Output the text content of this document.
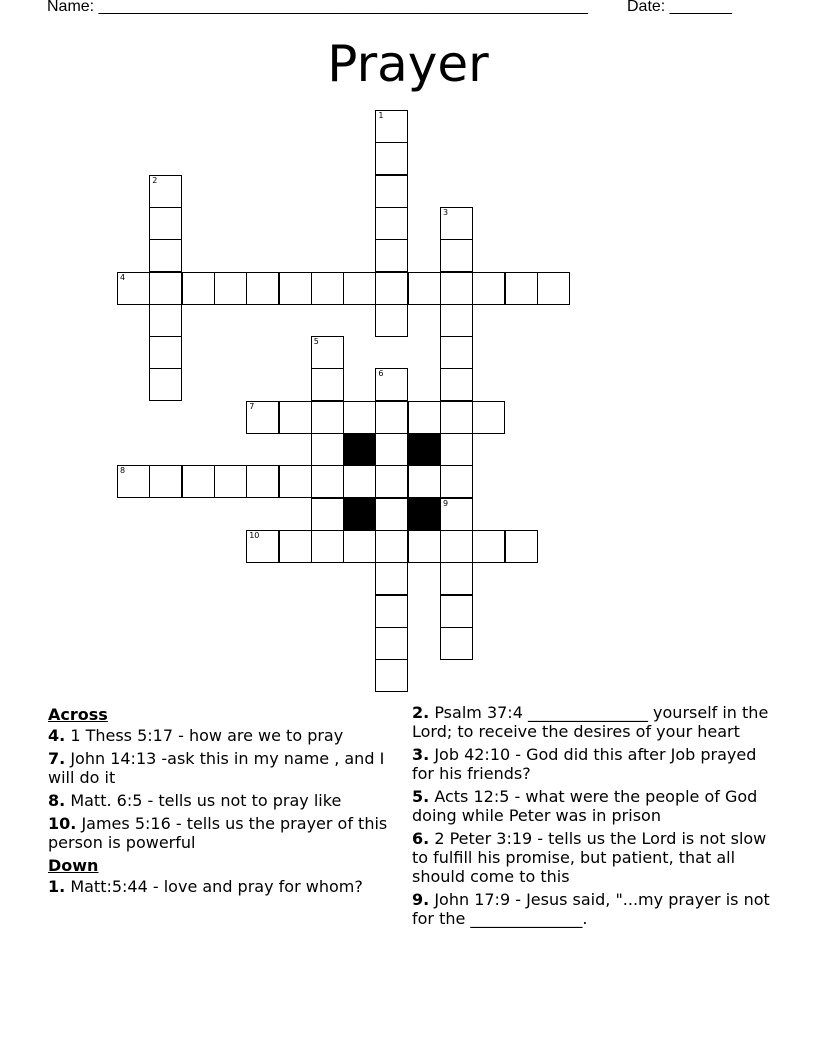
Name: _______________________________________________________ Date: _______
Prayer
1
2
3
4
5
6
7
8
9
10
Across
4. 1 Thess 5:17 - how are we to pray
7. John 14:13 -ask this in my name , and I will do it
8. Matt. 6:5 - tells us not to pray like
10. James 5:16 - tells us the prayer of this person is powerful
Down
1. Matt:5:44 - love and pray for whom?
2. Psalm 37:4 _______________ yourself in the Lord; to receive the desires of your heart
3. Job 42:10 - God did this after Job prayed for his friends?
5. Acts 12:5 - what were the people of God doing while Peter was in prison
6. 2 Peter 3:19 - tells us the Lord is not slow to fulfill his promise, but patient, that all should come to this
9. John 17:9 - Jesus said, "...my prayer is not for the ______________.
